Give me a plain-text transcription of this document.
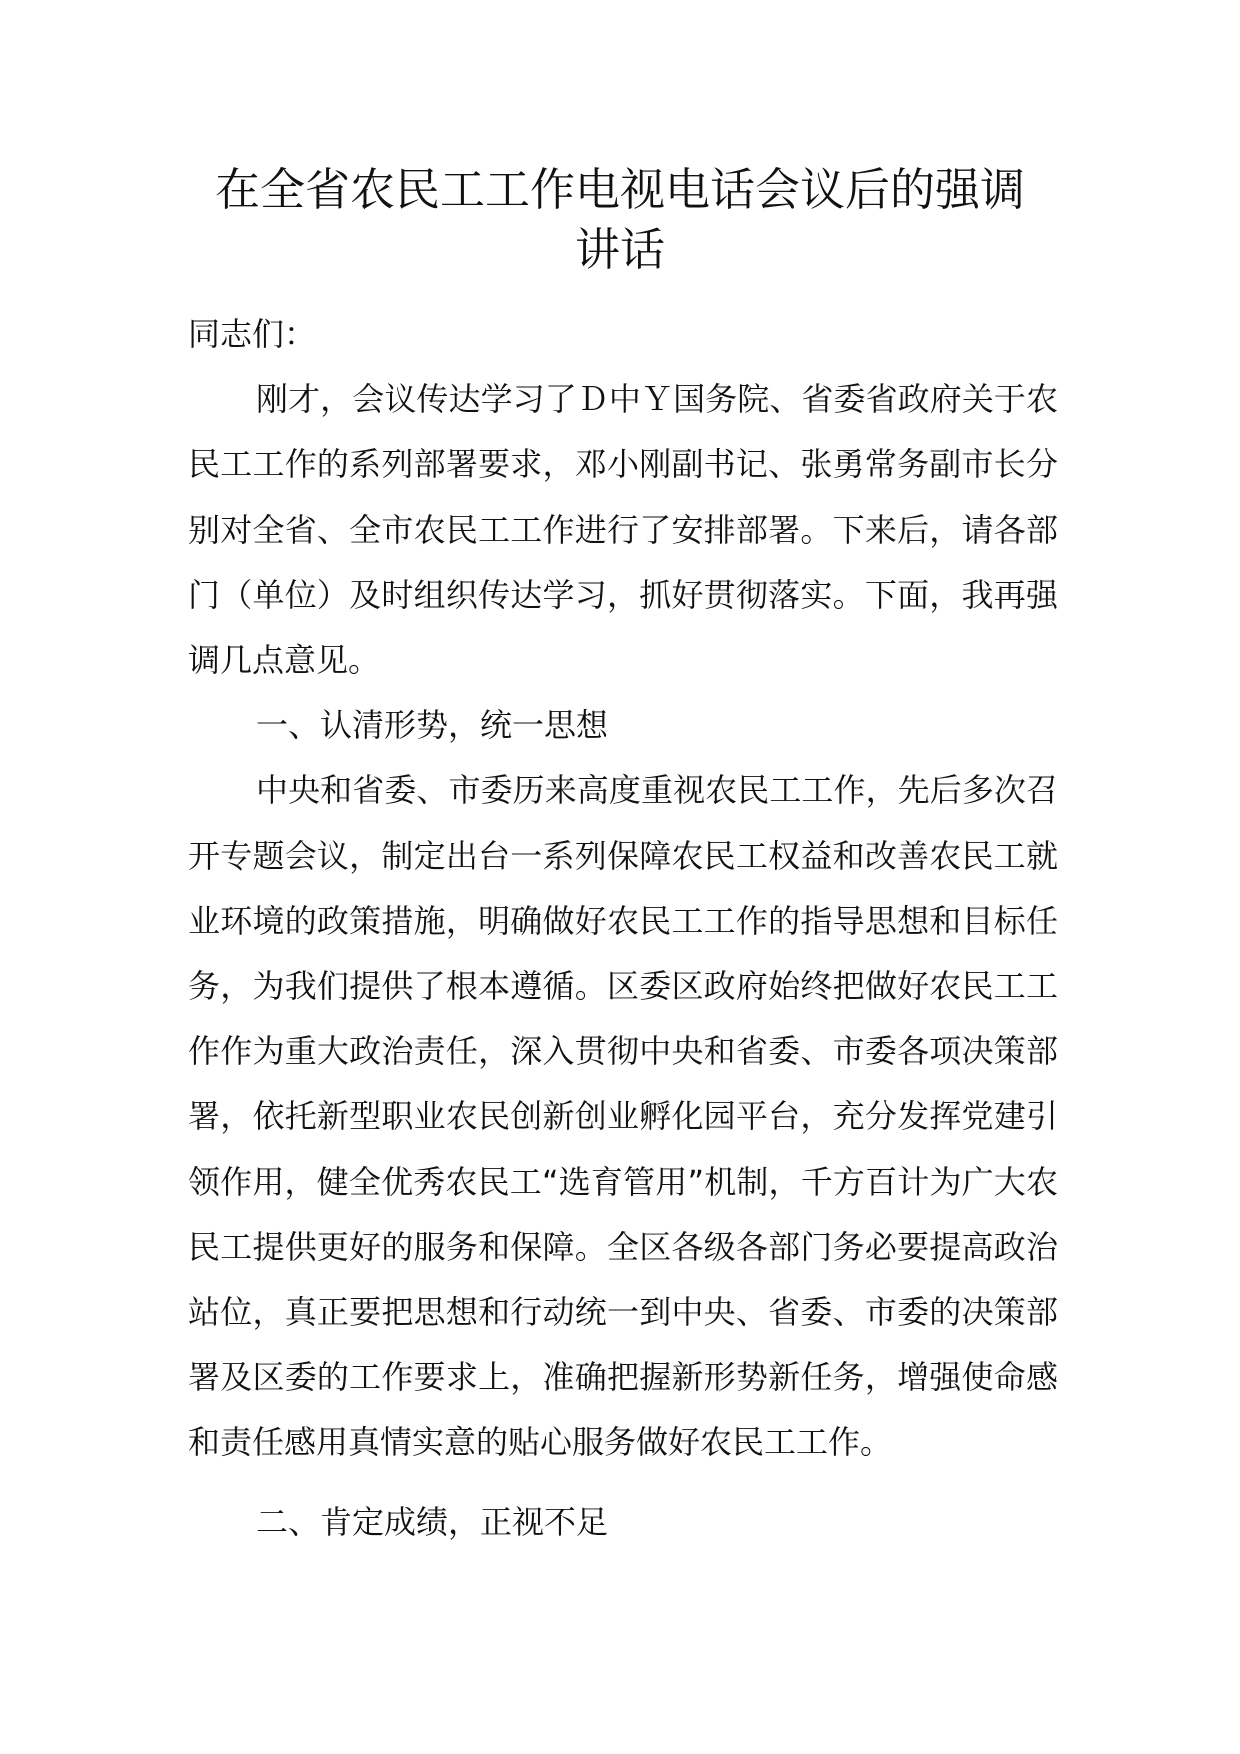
在全省农民工工作电视电话会议后的强调
讲话

同志们：

刚才，会议传达学习了Ｄ中Ｙ国务院、省委省政府关于农民工工作的系列部署要求，邓小刚副书记、张勇常务副市长分别对全省、全市农民工工作进行了安排部署。下来后，请各部门（单位）及时组织传达学习，抓好贯彻落实。下面，我再强调几点意见。

一、认清形势，统一思想

中央和省委、市委历来高度重视农民工工作，先后多次召开专题会议，制定出台一系列保障农民工权益和改善农民工就业环境的政策措施，明确做好农民工工作的指导思想和目标任务，为我们提供了根本遵循。区委区政府始终把做好农民工工作作为重大政治责任，深入贯彻中央和省委、市委各项决策部署，依托新型职业农民创新创业孵化园平台，充分发挥党建引领作用，健全优秀农民工“选育管用”机制，千方百计为广大农民工提供更好的服务和保障。全区各级各部门务必要提高政治站位，真正要把思想和行动统一到中央、省委、市委的决策部署及区委的工作要求上，准确把握新形势新任务，增强使命感和责任感用真情实意的贴心服务做好农民工工作。

二、肯定成绩，正视不足
